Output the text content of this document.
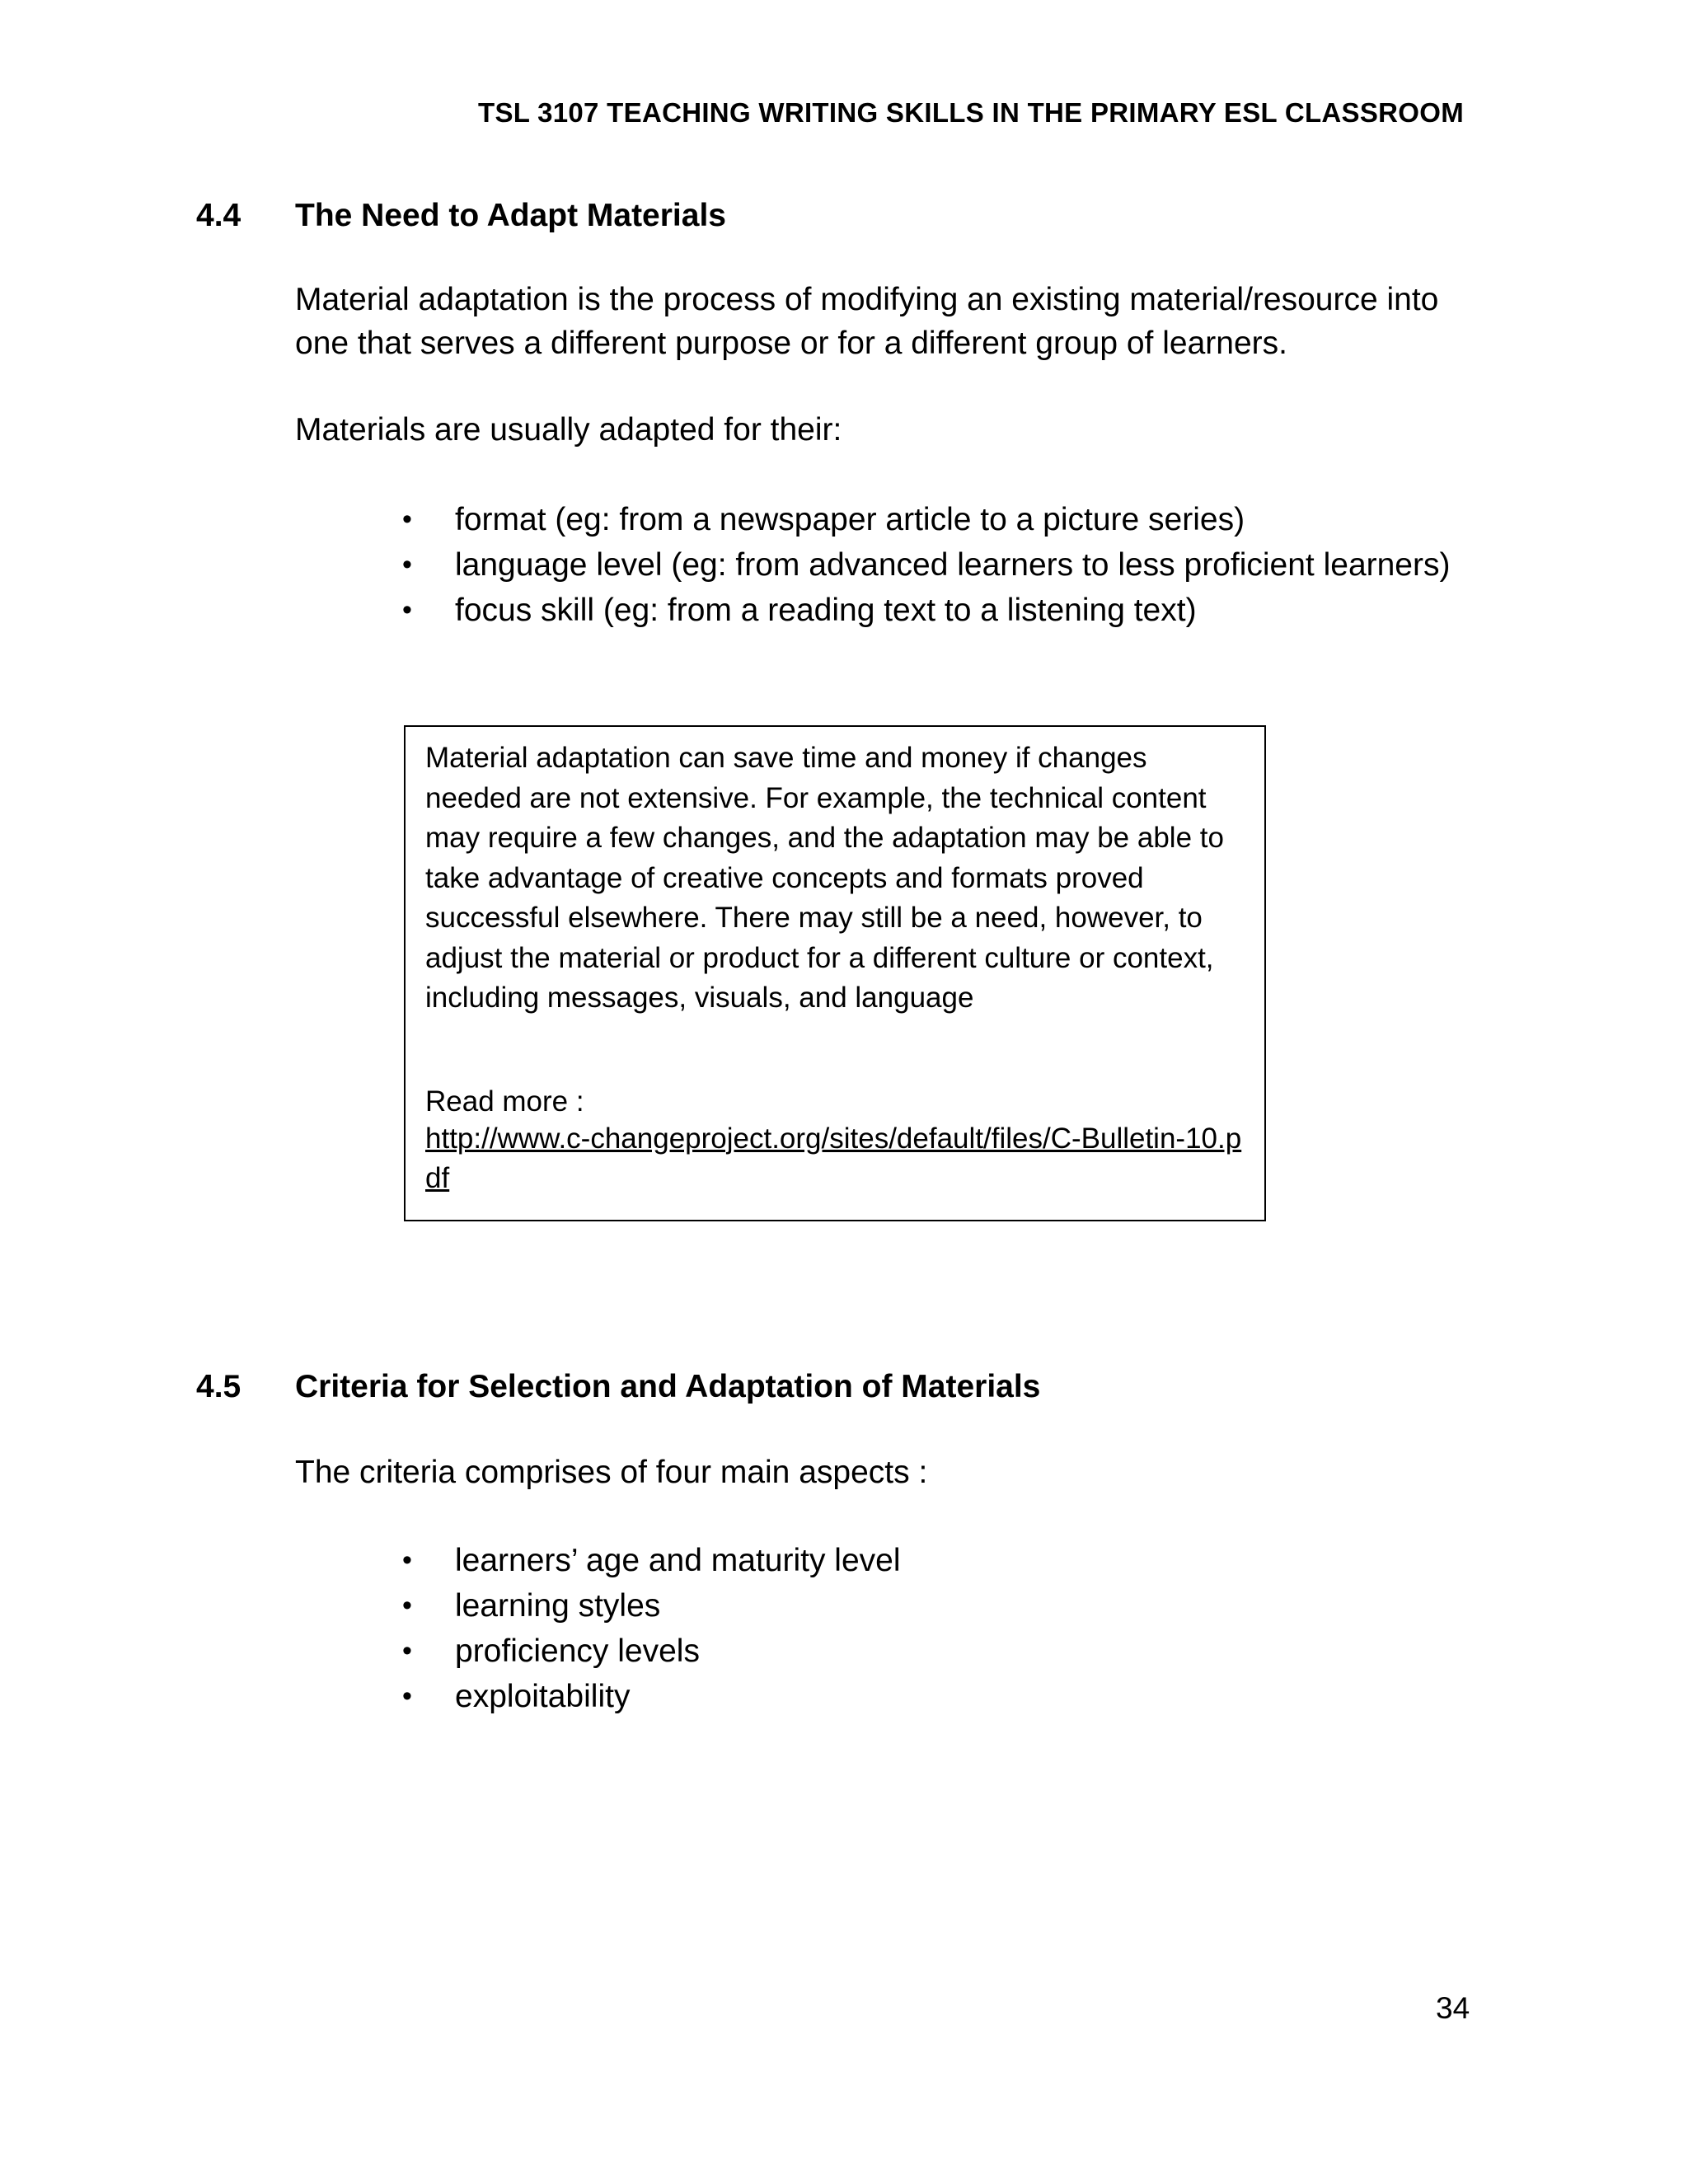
TSL 3107 TEACHING WRITING SKILLS IN THE PRIMARY ESL CLASSROOM
4.4 The Need to Adapt Materials

Material adaptation is the process of modifying an existing material/resource into one that serves a different purpose or for a different group of learners.

Materials are usually adapted for their:

• format (eg: from a newspaper article to a picture series)
• language level (eg: from advanced learners to less proficient learners)
• focus skill (eg: from a reading text to a listening text)

Material adaptation can save time and money if changes needed are not extensive. For example, the technical content may require a few changes, and the adaptation may be able to take advantage of creative concepts and formats proved successful elsewhere. There may still be a need, however, to adjust the material or product for a different culture or context, including messages, visuals, and language

Read more :

http://www.c-changeproject.org/sites/default/files/C-Bulletin-10.pdf
4.5 Criteria for Selection and Adaptation of Materials

The criteria comprises of four main aspects :

• learners’ age and maturity level
• learning styles
• proficiency levels
• exploitability
34
